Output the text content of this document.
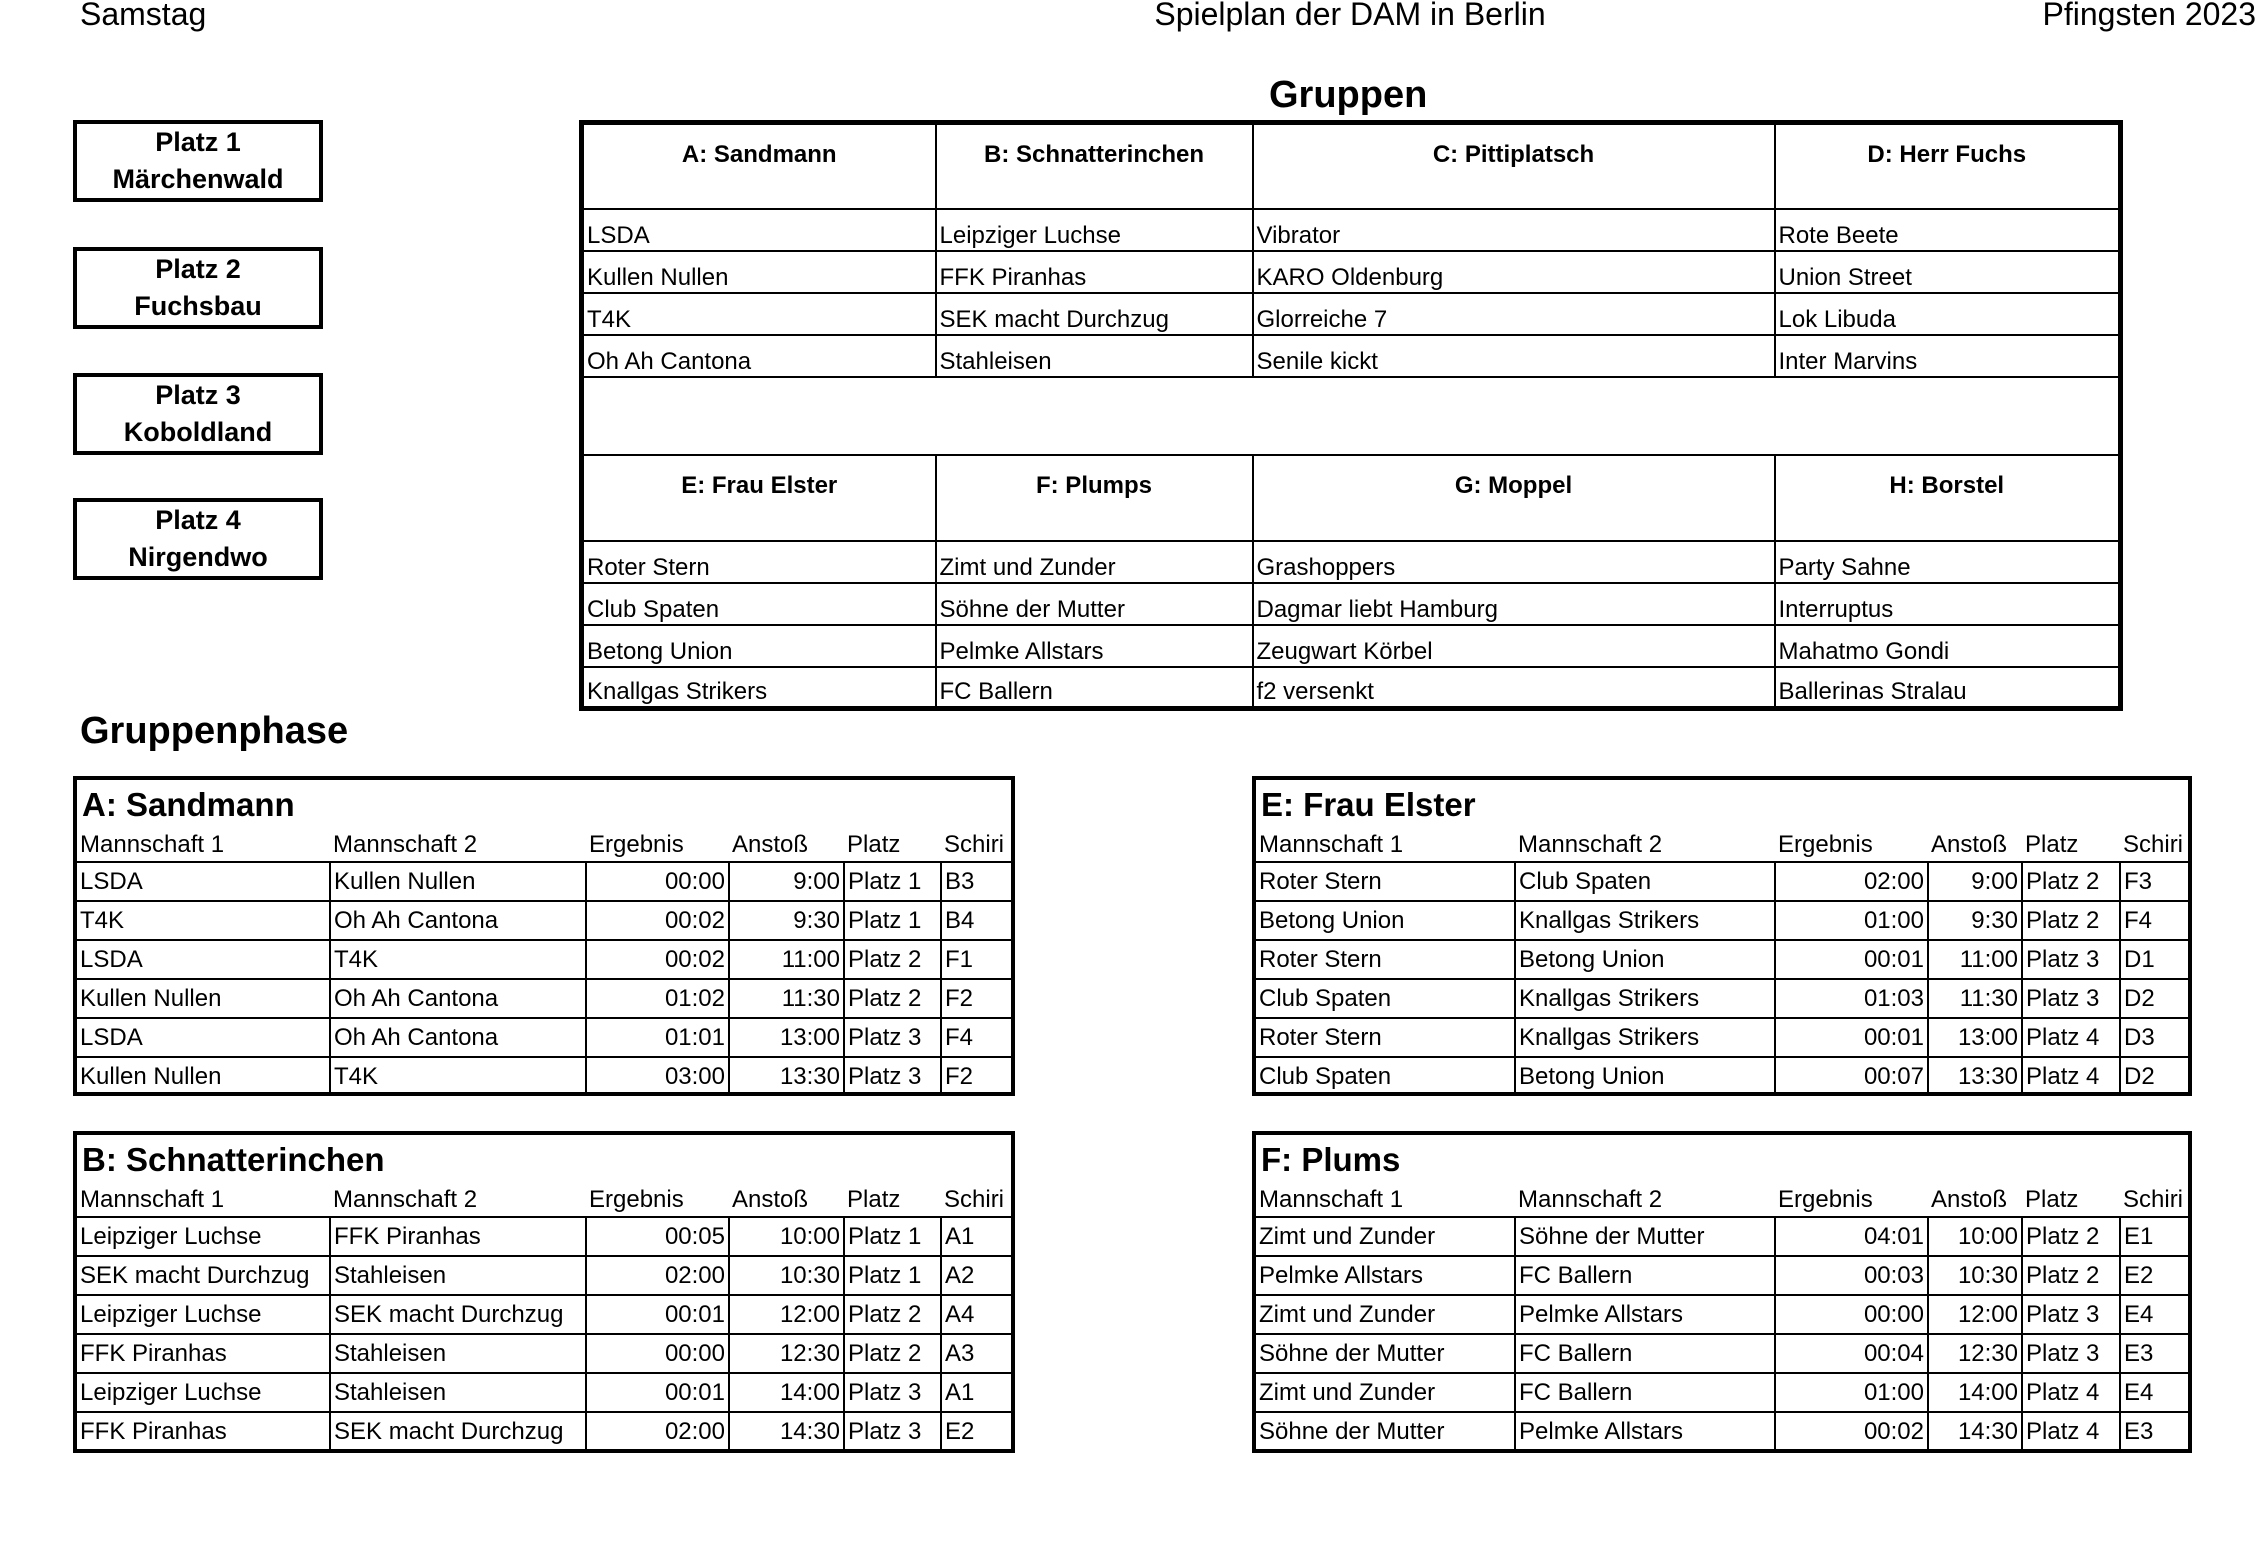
Samstag	Spielplan der DAM in Berlin	Pfingsten 2023
Platz 1
Märchenwald
Platz 2
Fuchsbau
Platz 3
Koboldland
Platz 4
Nirgendwo
Gruppen
A: Sandmann	B: Schnatterinchen	C: Pittiplatsch	D: Herr Fuchs
LSDA	Leipziger Luchse	Vibrator	Rote Beete
Kullen Nullen	FFK Piranhas	KARO Oldenburg	Union Street
T4K	SEK macht Durchzug	Glorreiche 7	Lok Libuda
Oh Ah Cantona	Stahleisen	Senile kickt	Inter Marvins

E: Frau Elster	F: Plumps	G: Moppel	H: Borstel
Roter Stern	Zimt und Zunder	Grashoppers	Party Sahne
Club Spaten	Söhne der Mutter	Dagmar liebt Hamburg	Interruptus
Betong Union	Pelmke Allstars	Zeugwart Körbel	Mahatmo Gondi
Knallgas Strikers	FC Ballern	f2 versenkt	Ballerinas Stralau
Gruppenphase
A: Sandmann
Mannschaft 1	Mannschaft 2	Ergebnis	Anstoß	Platz	Schiri
LSDA	Kullen Nullen	00:00	9:00	Platz 1	B3
T4K	Oh Ah Cantona	00:02	9:30	Platz 1	B4
LSDA	T4K	00:02	11:00	Platz 2	F1
Kullen Nullen	Oh Ah Cantona	01:02	11:30	Platz 2	F2
LSDA	Oh Ah Cantona	01:01	13:00	Platz 3	F4
Kullen Nullen	T4K	03:00	13:30	Platz 3	F2
E: Frau Elster
Mannschaft 1	Mannschaft 2	Ergebnis	Anstoß	Platz	Schiri
Roter Stern	Club Spaten	02:00	9:00	Platz 2	F3
Betong Union	Knallgas Strikers	01:00	9:30	Platz 2	F4
Roter Stern	Betong Union	00:01	11:00	Platz 3	D1
Club Spaten	Knallgas Strikers	01:03	11:30	Platz 3	D2
Roter Stern	Knallgas Strikers	00:01	13:00	Platz 4	D3
Club Spaten	Betong Union	00:07	13:30	Platz 4	D2
B: Schnatterinchen
Mannschaft 1	Mannschaft 2	Ergebnis	Anstoß	Platz	Schiri
Leipziger Luchse	FFK Piranhas	00:05	10:00	Platz 1	A1
SEK macht Durchzug	Stahleisen	02:00	10:30	Platz 1	A2
Leipziger Luchse	SEK macht Durchzug	00:01	12:00	Platz 2	A4
FFK Piranhas	Stahleisen	00:00	12:30	Platz 2	A3
Leipziger Luchse	Stahleisen	00:01	14:00	Platz 3	A1
FFK Piranhas	SEK macht Durchzug	02:00	14:30	Platz 3	E2
F: Plums
Mannschaft 1	Mannschaft 2	Ergebnis	Anstoß	Platz	Schiri
Zimt und Zunder	Söhne der Mutter	04:01	10:00	Platz 2	E1
Pelmke Allstars	FC Ballern	00:03	10:30	Platz 2	E2
Zimt und Zunder	Pelmke Allstars	00:00	12:00	Platz 3	E4
Söhne der Mutter	FC Ballern	00:04	12:30	Platz 3	E3
Zimt und Zunder	FC Ballern	01:00	14:00	Platz 4	E4
Söhne der Mutter	Pelmke Allstars	00:02	14:30	Platz 4	E3
